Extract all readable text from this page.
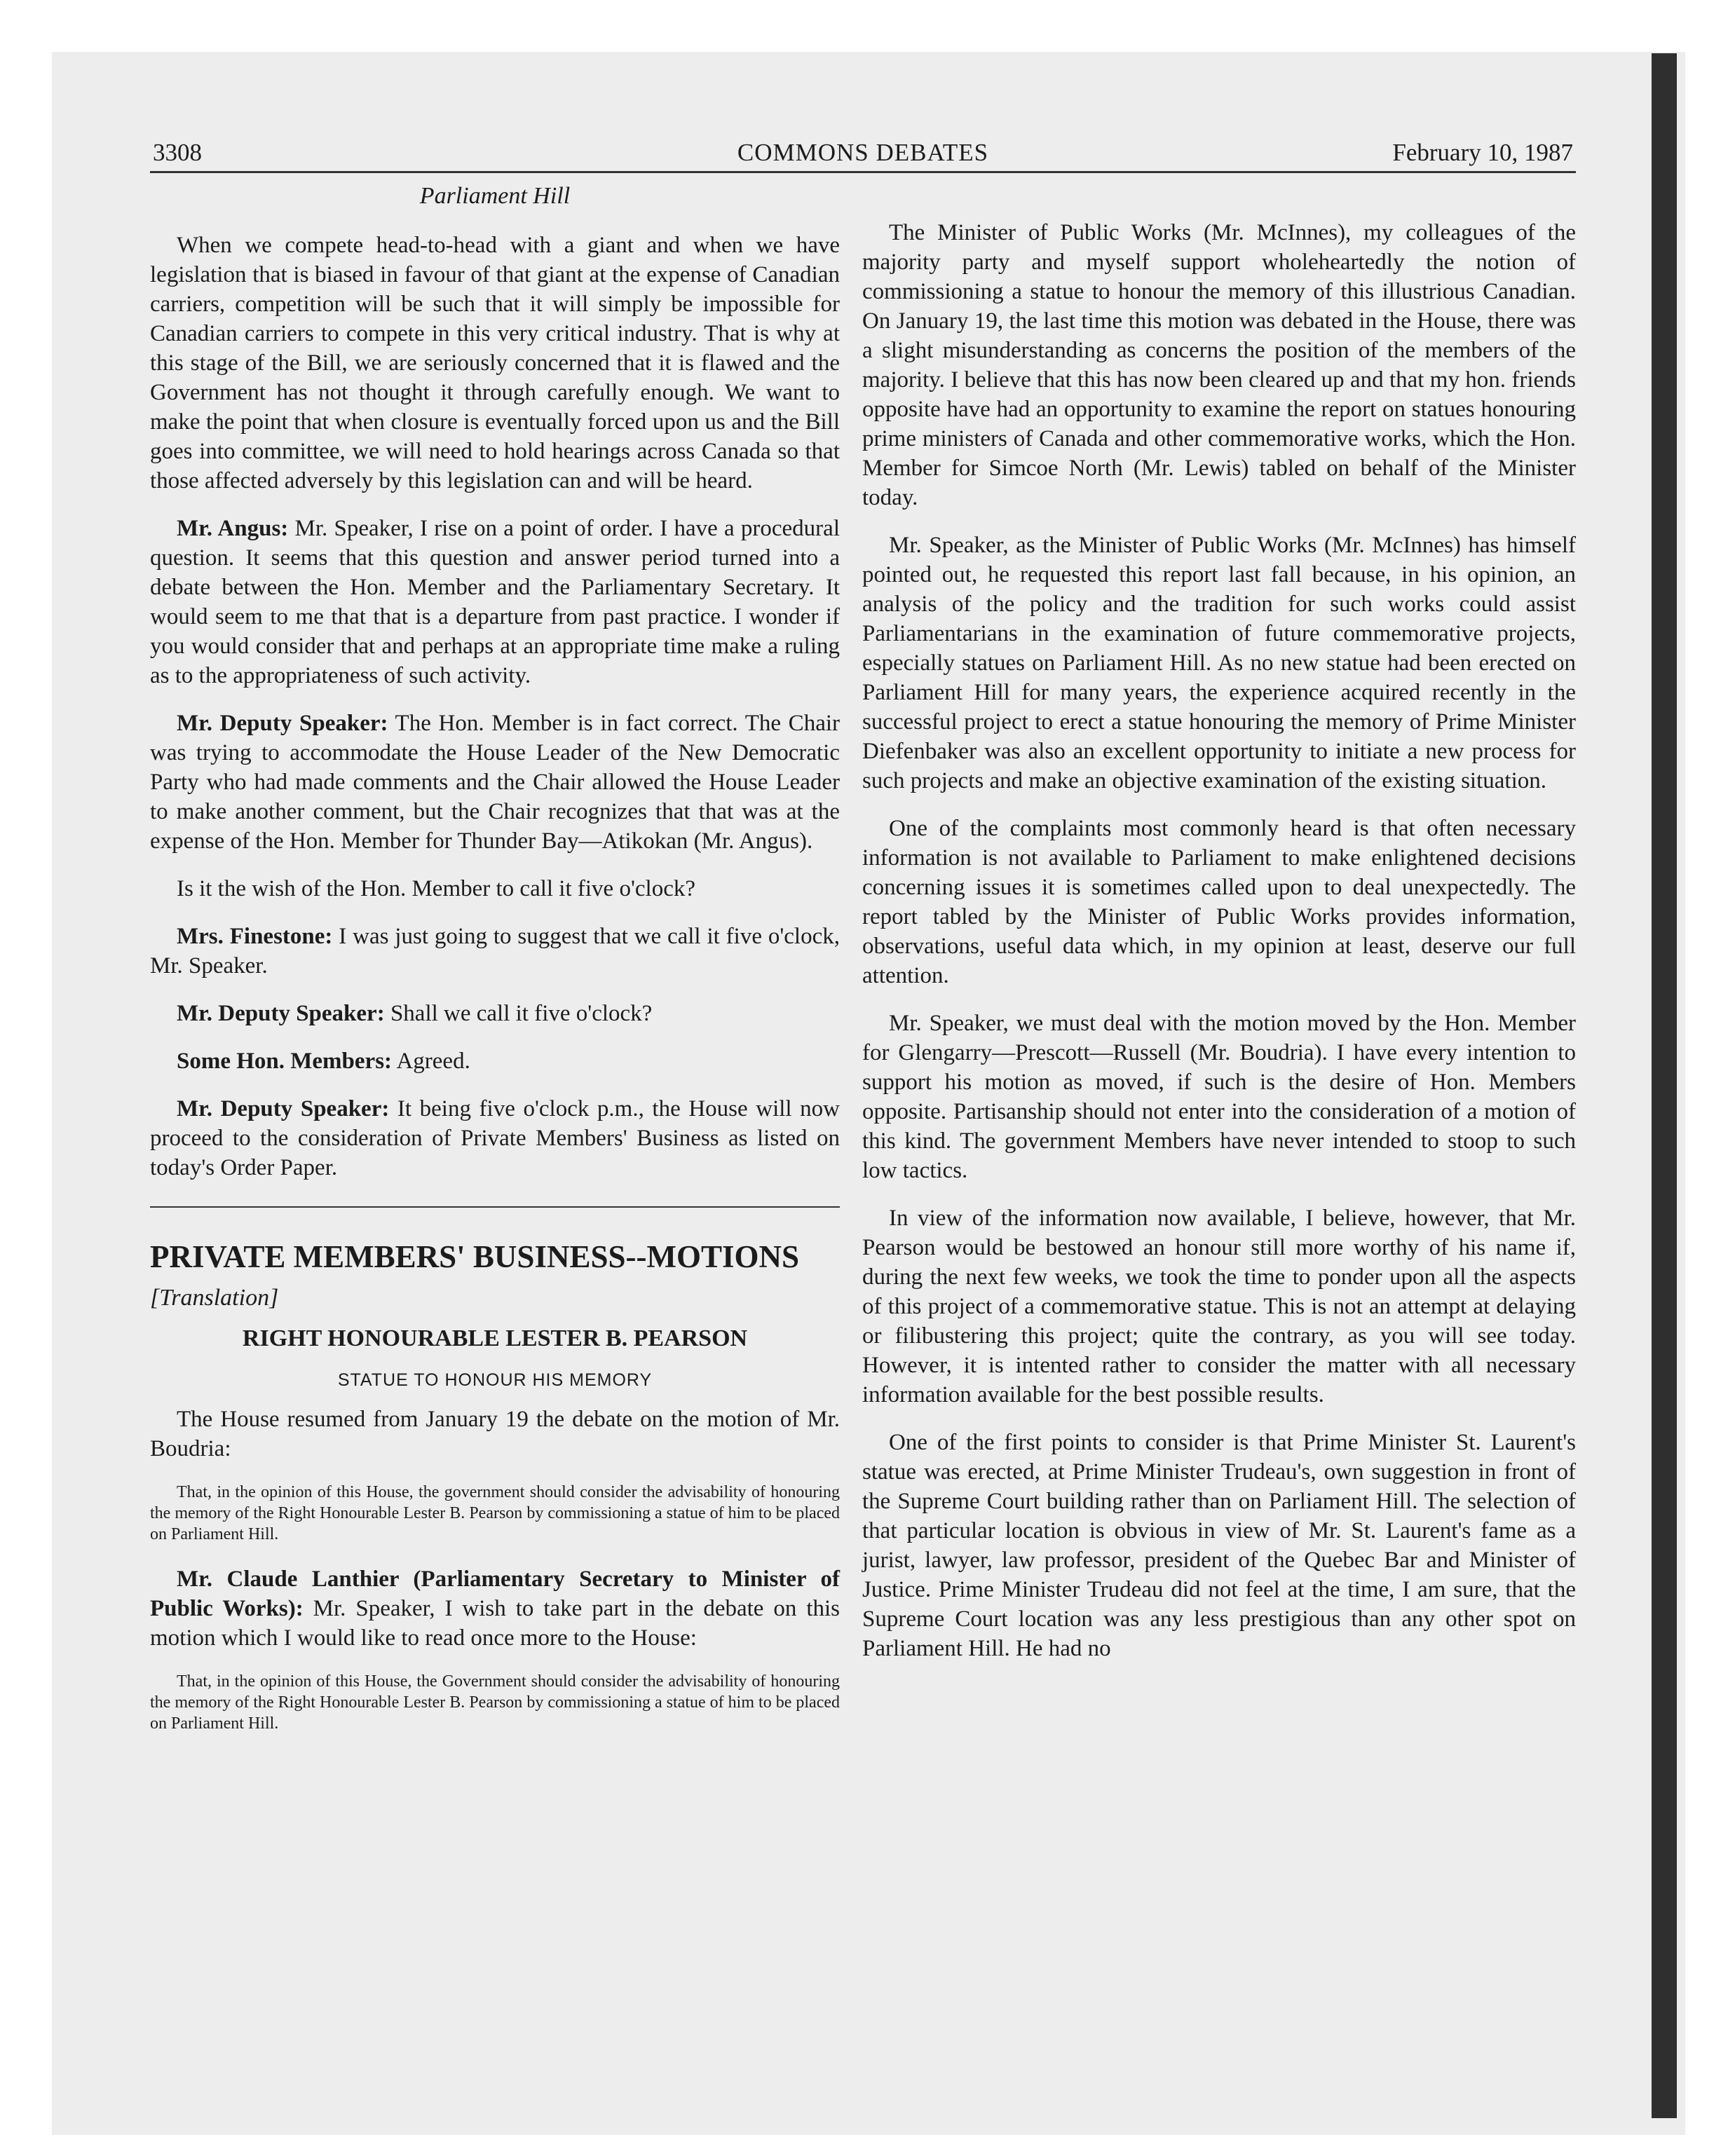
3308	COMMONS DEBATES	February 10, 1987
Parliament Hill

When we compete head-to-head with a giant and when we have legislation that is biased in favour of that giant at the expense of Canadian carriers, competition will be such that it will simply be impossible for Canadian carriers to compete in this very critical industry. That is why at this stage of the Bill, we are seriously concerned that it is flawed and the Government has not thought it through carefully enough. We want to make the point that when closure is eventually forced upon us and the Bill goes into committee, we will need to hold hearings across Canada so that those affected adversely by this legislation can and will be heard.

Mr. Angus: Mr. Speaker, I rise on a point of order. I have a procedural question. It seems that this question and answer period turned into a debate between the Hon. Member and the Parliamentary Secretary. It would seem to me that that is a departure from past practice. I wonder if you would consider that and perhaps at an appropriate time make a ruling as to the appropriateness of such activity.

Mr. Deputy Speaker: The Hon. Member is in fact correct. The Chair was trying to accommodate the House Leader of the New Democratic Party who had made comments and the Chair allowed the House Leader to make another comment, but the Chair recognizes that that was at the expense of the Hon. Member for Thunder Bay—Atikokan (Mr. Angus).

Is it the wish of the Hon. Member to call it five o'clock?

Mrs. Finestone: I was just going to suggest that we call it five o'clock, Mr. Speaker.

Mr. Deputy Speaker: Shall we call it five o'clock?

Some Hon. Members: Agreed.

Mr. Deputy Speaker: It being five o'clock p.m., the House will now proceed to the consideration of Private Members' Business as listed on today's Order Paper.

PRIVATE MEMBERS' BUSINESS--MOTIONS
[Translation]
RIGHT HONOURABLE LESTER B. PEARSON
STATUE TO HONOUR HIS MEMORY

The House resumed from January 19 the debate on the motion of Mr. Boudria:

That, in the opinion of this House, the government should consider the advisability of honouring the memory of the Right Honourable Lester B. Pearson by commissioning a statue of him to be placed on Parliament Hill.

Mr. Claude Lanthier (Parliamentary Secretary to Minister of Public Works): Mr. Speaker, I wish to take part in the debate on this motion which I would like to read once more to the House:

That, in the opinion of this House, the Government should consider the advisability of honouring the memory of the Right Honourable Lester B. Pearson by commissioning a statue of him to be placed on Parliament Hill.

The Minister of Public Works (Mr. McInnes), my colleagues of the majority party and myself support wholeheartedly the notion of commissioning a statue to honour the memory of this illustrious Canadian. On January 19, the last time this motion was debated in the House, there was a slight misunderstanding as concerns the position of the members of the majority. I believe that this has now been cleared up and that my hon. friends opposite have had an opportunity to examine the report on statues honouring prime ministers of Canada and other commemorative works, which the Hon. Member for Simcoe North (Mr. Lewis) tabled on behalf of the Minister today.

Mr. Speaker, as the Minister of Public Works (Mr. McInnes) has himself pointed out, he requested this report last fall because, in his opinion, an analysis of the policy and the tradition for such works could assist Parliamentarians in the examination of future commemorative projects, especially statues on Parliament Hill. As no new statue had been erected on Parliament Hill for many years, the experience acquired recently in the successful project to erect a statue honouring the memory of Prime Minister Diefenbaker was also an excellent opportunity to initiate a new process for such projects and make an objective examination of the existing situation.

One of the complaints most commonly heard is that often necessary information is not available to Parliament to make enlightened decisions concerning issues it is sometimes called upon to deal unexpectedly. The report tabled by the Minister of Public Works provides information, observations, useful data which, in my opinion at least, deserve our full attention.

Mr. Speaker, we must deal with the motion moved by the Hon. Member for Glengarry—Prescott—Russell (Mr. Boudria). I have every intention to support his motion as moved, if such is the desire of Hon. Members opposite. Partisanship should not enter into the consideration of a motion of this kind. The government Members have never intended to stoop to such low tactics.

In view of the information now available, I believe, however, that Mr. Pearson would be bestowed an honour still more worthy of his name if, during the next few weeks, we took the time to ponder upon all the aspects of this project of a commemorative statue. This is not an attempt at delaying or filibustering this project; quite the contrary, as you will see today. However, it is intented rather to consider the matter with all necessary information available for the best possible results.

One of the first points to consider is that Prime Minister St. Laurent's statue was erected, at Prime Minister Trudeau's, own suggestion in front of the Supreme Court building rather than on Parliament Hill. The selection of that particular location is obvious in view of Mr. St. Laurent's fame as a jurist, lawyer, law professor, president of the Quebec Bar and Minister of Justice. Prime Minister Trudeau did not feel at the time, I am sure, that the Supreme Court location was any less prestigious than any other spot on Parliament Hill. He had no
